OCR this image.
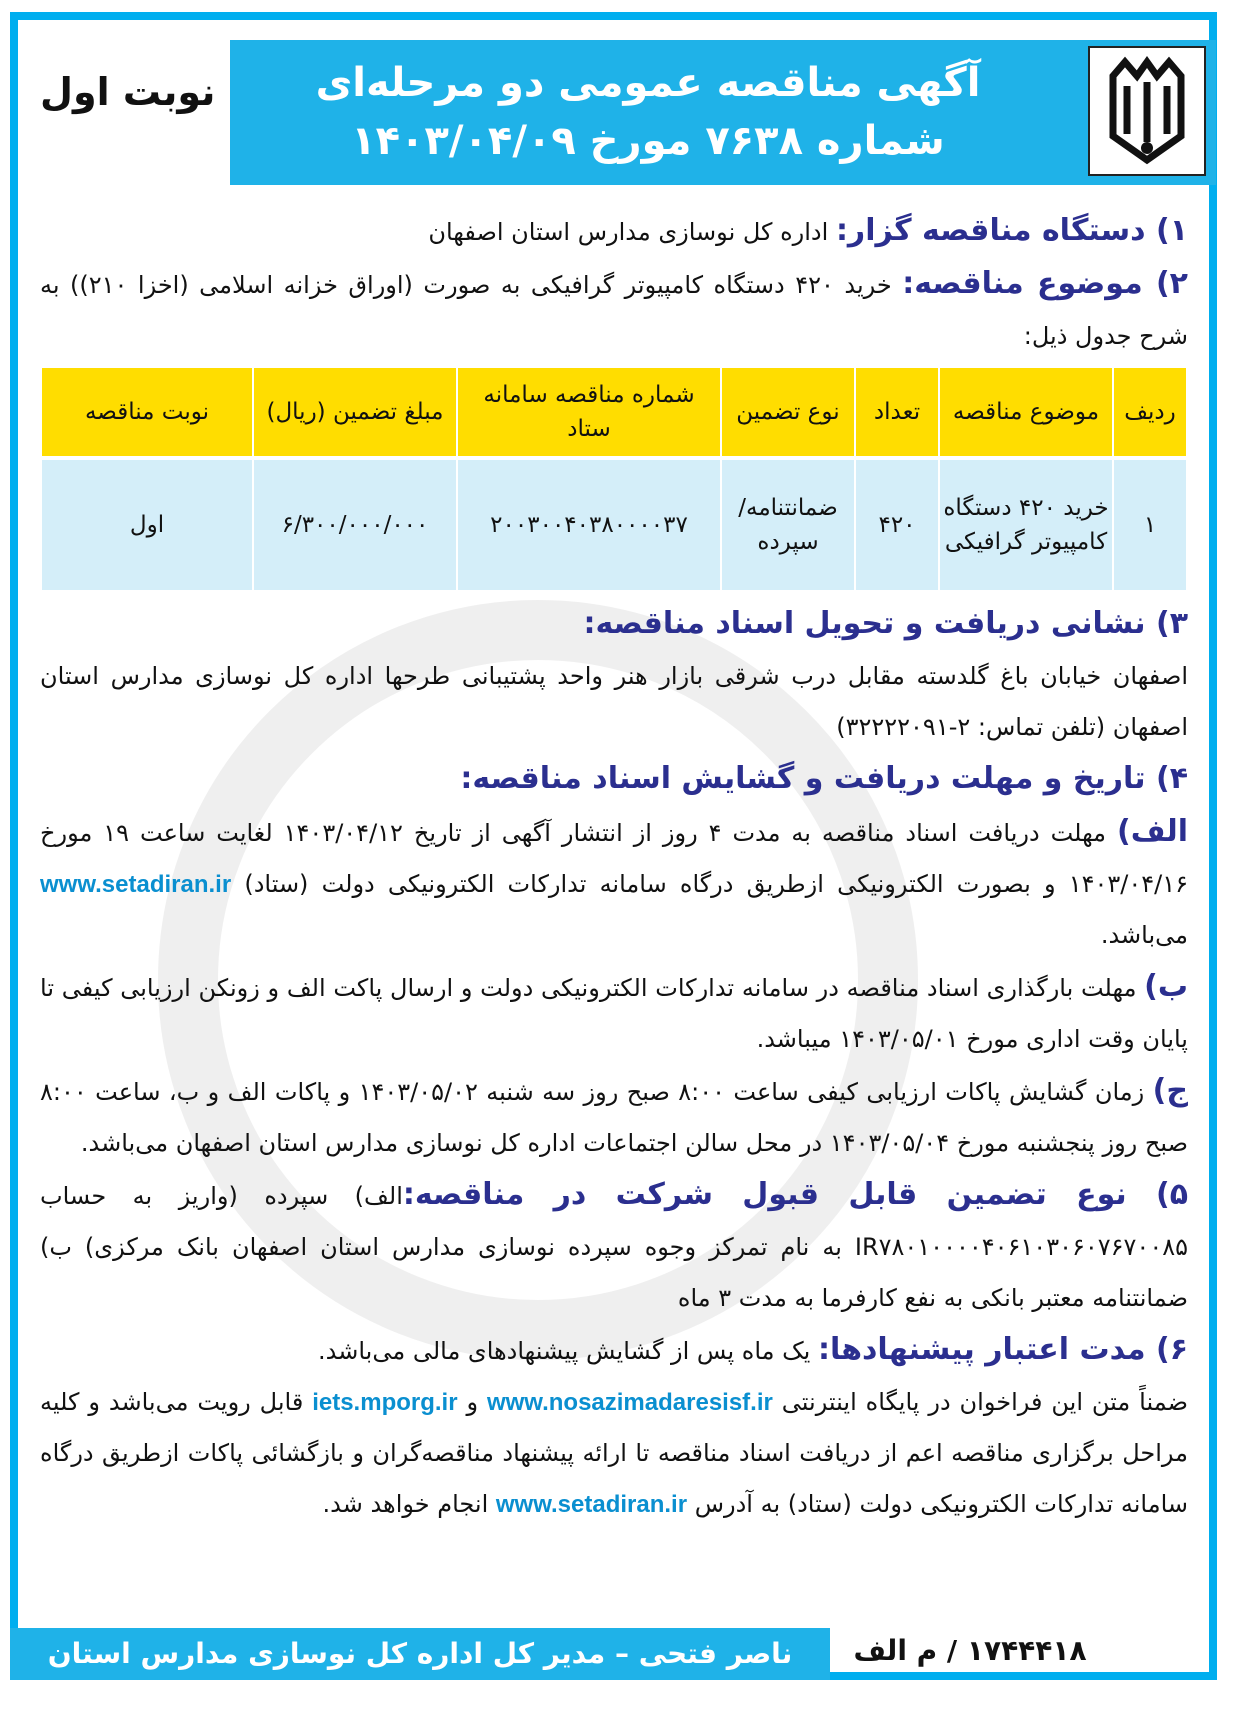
نوبت اول	آگهی مناقصه عمومی دو مرحله‌ای
شماره ۷۶۳۸ مورخ ۱۴۰۳/۰۴/۰۹

۱) دستگاه مناقصه گزار: اداره کل نوسازی مدارس استان اصفهان

۲) موضوع مناقصه: خرید ۴۲۰ دستگاه کامپیوتر گرافیکی به صورت (اوراق خزانه اسلامی (اخزا ۲۱۰)) به شرح جدول ذیل:

ردیف	موضوع مناقصه	تعداد	نوع تضمین	شماره مناقصه سامانه ستاد	مبلغ تضمین (ریال)	نوبت مناقصه
۱	خرید ۴۲۰ دستگاه کامپیوتر گرافیکی	۴۲۰	ضمانتنامه/ سپرده	۲۰۰۳۰۰۴۰۳۸۰۰۰۰۳۷	۶/۳۰۰/۰۰۰/۰۰۰	اول

۳) نشانی دریافت و تحویل اسناد مناقصه:
اصفهان خیابان باغ گلدسته مقابل درب شرقی بازار هنر واحد پشتیبانی طرحها اداره کل نوسازی مدارس استان اصفهان (تلفن تماس: ۲-۳۲۲۲۲۰۹۱)

۴) تاریخ و مهلت دریافت و گشایش اسناد مناقصه:

الف) مهلت دریافت اسناد مناقصه به مدت ۴ روز از انتشار آگهی از تاریخ ۱۴۰۳/۰۴/۱۲ لغایت ساعت ۱۹ مورخ ۱۴۰۳/۰۴/۱۶ و بصورت الکترونیکی ازطریق درگاه سامانه تدارکات الکترونیکی دولت (ستاد) www.setadiran.ir می‌باشد.

ب) مهلت بارگذاری اسناد مناقصه در سامانه تدارکات الکترونیکی دولت و ارسال پاکت الف و زونکن ارزیابی کیفی تا پایان وقت اداری مورخ ۱۴۰۳/۰۵/۰۱ میباشد.

ج) زمان گشایش پاکات ارزیابی کیفی ساعت ۸:۰۰ صبح روز سه شنبه ۱۴۰۳/۰۵/۰۲ و پاکات الف و ب، ساعت ۸:۰۰ صبح روز پنجشنبه مورخ ۱۴۰۳/۰۵/۰۴ در محل سالن اجتماعات اداره کل نوسازی مدارس استان اصفهان می‌باشد.

۵) نوع تضمین قابل قبول شرکت در مناقصه:الف) سپرده (واریز به حساب IR۷۸۰۱۰۰۰۰۴۰۶۱۰۳۰۶۰۷۶۷۰۰۸۵ به نام تمرکز وجوه سپرده نوسازی مدارس استان اصفهان بانک مرکزی) ب) ضمانتنامه معتبر بانکی به نفع کارفرما به مدت ۳ ماه

۶) مدت اعتبار پیشنهادها: یک ماه پس از گشایش پیشنهادهای مالی می‌باشد.

ضمناً متن این فراخوان در پایگاه اینترنتی www.nosazimadaresisf.ir و iets.mporg.ir قابل رویت می‌باشد و کلیه مراحل برگزاری مناقصه اعم از دریافت اسناد مناقصه تا ارائه پیشنهاد مناقصه‌گران و بازگشائی پاکات ازطریق درگاه سامانه تدارکات الکترونیکی دولت (ستاد) به آدرس www.setadiran.ir انجام خواهد شد.

۱۷۴۴۴۱۸ / م الف
ناصر فتحی – مدیر کل اداره کل نوسازی مدارس استان اصفهان
